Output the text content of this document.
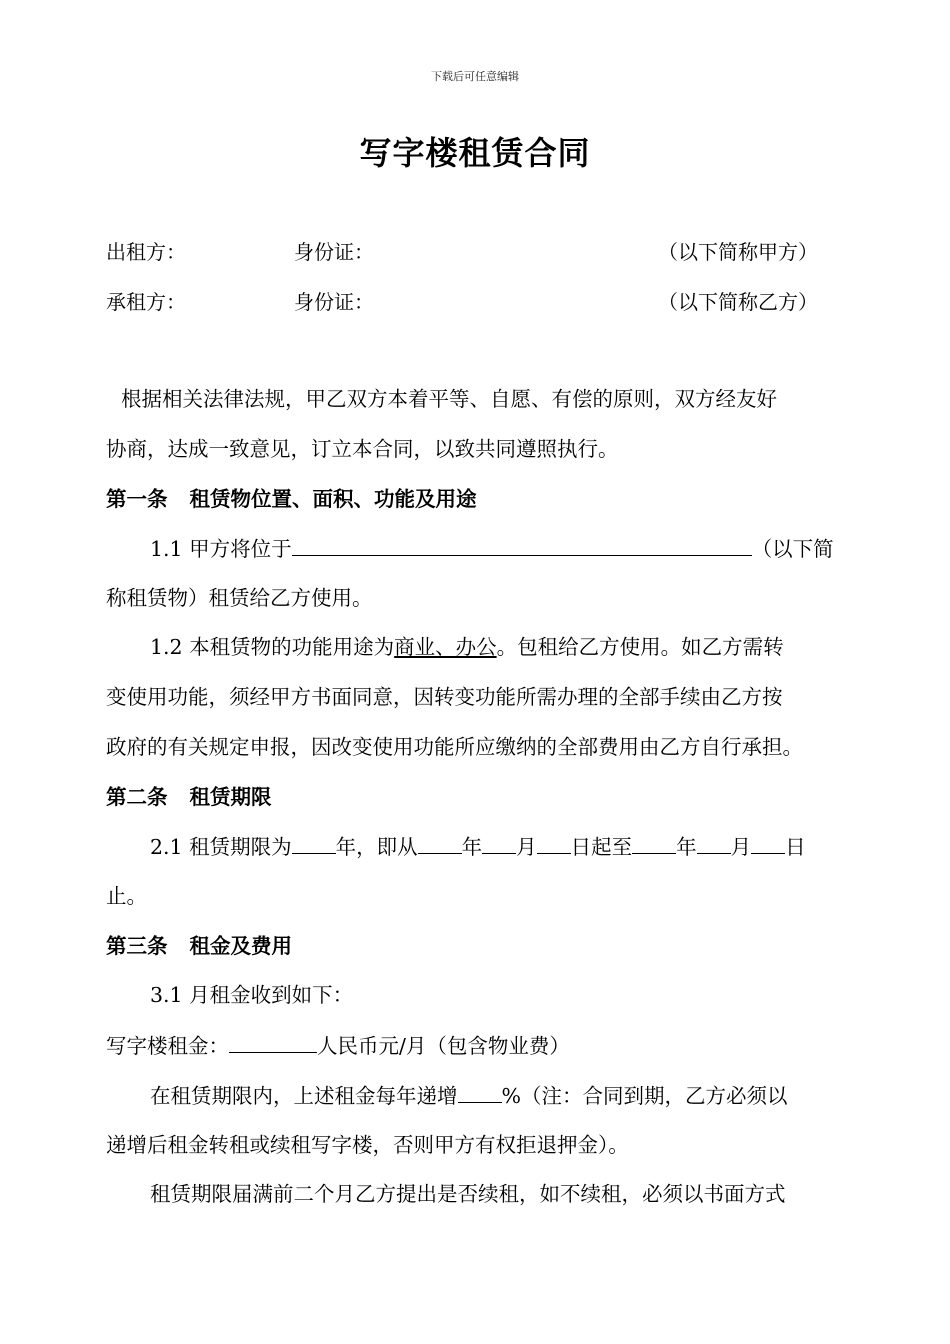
下载后可任意编辑
写字楼租赁合同
出租方：	身份证：	（以下简称甲方）
承租方：	身份证：	（以下简称乙方）
根据相关法律法规，甲乙双方本着平等、自愿、有偿的原则，双方经友好
协商，达成一致意见，订立本合同，以致共同遵照执行。
第一条 租赁物位置、面积、功能及用途
1.1 甲方将位于	（以下简
称租赁物）租赁给乙方使用。
1.2 本租赁物的功能用途为商业、办公。包租给乙方使用。如乙方需转
变使用功能，须经甲方书面同意，因转变功能所需办理的全部手续由乙方按
政府的有关规定申报，因改变使用功能所应缴纳的全部费用由乙方自行承担。
第二条 租赁期限
2.1 租赁期限为 年，即从 年 月 日起至 年 月 日
止。
第三条 租金及费用
3.1 月租金收到如下：
写字楼租金：	人民币元/月（包含物业费）
在租赁期限内，上述租金每年递增 %（注：合同到期，乙方必须以
递增后租金转租或续租写字楼，否则甲方有权拒退押金）。
租赁期限届满前二个月乙方提出是否续租，如不续租，必须以书面方式
